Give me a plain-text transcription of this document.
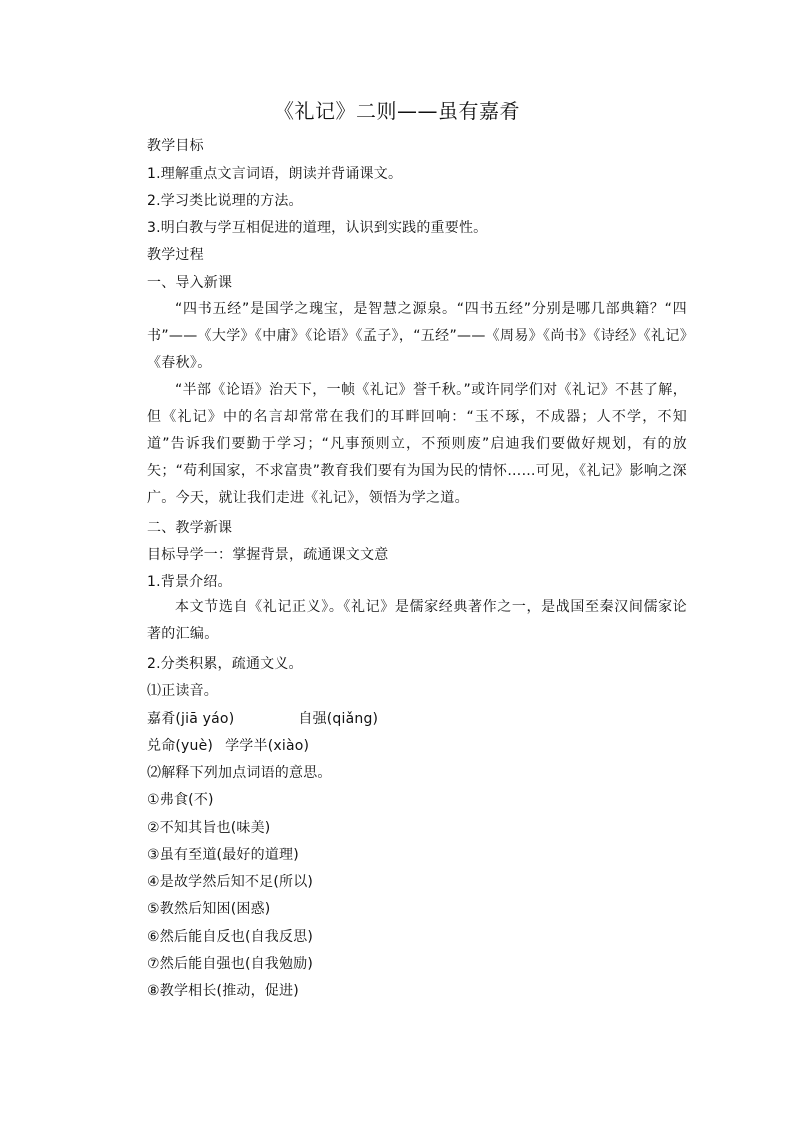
《礼记》二则——虽有嘉肴
教学目标
1.理解重点文言词语，朗读并背诵课文。
2.学习类比说理的方法。
3.明白教与学互相促进的道理，认识到实践的重要性。
教学过程
一、导入新课
“四书五经”是国学之瑰宝，是智慧之源泉。“四书五经”分别是哪几部典籍？“四书”——《大学》《中庸》《论语》《孟子》，“五经”——《周易》《尚书》《诗经》《礼记》《春秋》。
“半部《论语》治天下，一帧《礼记》誉千秋。”或许同学们对《礼记》不甚了解，但《礼记》中的名言却常常在我们的耳畔回响：“玉不琢，不成器；人不学，不知道”告诉我们要勤于学习；“凡事预则立，不预则废”启迪我们要做好规划，有的放矢；“苟利国家，不求富贵”教育我们要有为国为民的情怀……可见，《礼记》影响之深广。今天，就让我们走进《礼记》，领悟为学之道。
二、教学新课
目标导学一：掌握背景，疏通课文文意
1.背景介绍。
本文节选自《礼记正义》。《礼记》是儒家经典著作之一，是战国至秦汉间儒家论著的汇编。
2.分类积累，疏通文义。
⑴正读音。
嘉肴(jiā yáo)	自强(qiǎng)
兑命(yuè) 学学半(xiào)
⑵解释下列加点词语的意思。
①弗食(不)
②不知其旨也(味美)
③虽有至道(最好的道理)
④是故学然后知不足(所以)
⑤教然后知困(困惑)
⑥然后能自反也(自我反思)
⑦然后能自强也(自我勉励)
⑧教学相长(推动，促进)
